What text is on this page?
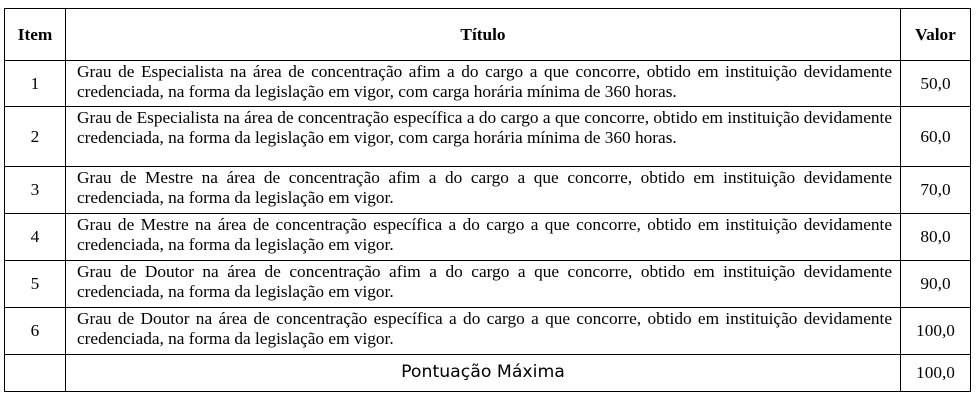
Item	Título	Valor
1	Grau de Especialista na área de concentração afim a do cargo a que concorre, obtido em instituição devidamente credenciada, na forma da legislação em vigor, com carga horária mínima de 360 horas.	50,0
2	Grau de Especialista na área de concentração específica a do cargo a que concorre, obtido em instituição devidamente credenciada, na forma da legislação em vigor, com carga horária mínima de 360 horas.	60,0
3	Grau de Mestre na área de concentração afim a do cargo a que concorre, obtido em instituição devidamente credenciada, na forma da legislação em vigor.	70,0
4	Grau de Mestre na área de concentração específica a do cargo a que concorre, obtido em instituição devidamente credenciada, na forma da legislação em vigor.	80,0
5	Grau de Doutor na área de concentração afim a do cargo a que concorre, obtido em instituição devidamente credenciada, na forma da legislação em vigor.	90,0
6	Grau de Doutor na área de concentração específica a do cargo a que concorre, obtido em instituição devidamente credenciada, na forma da legislação em vigor.	100,0
	Pontuação Máxima	100,0
